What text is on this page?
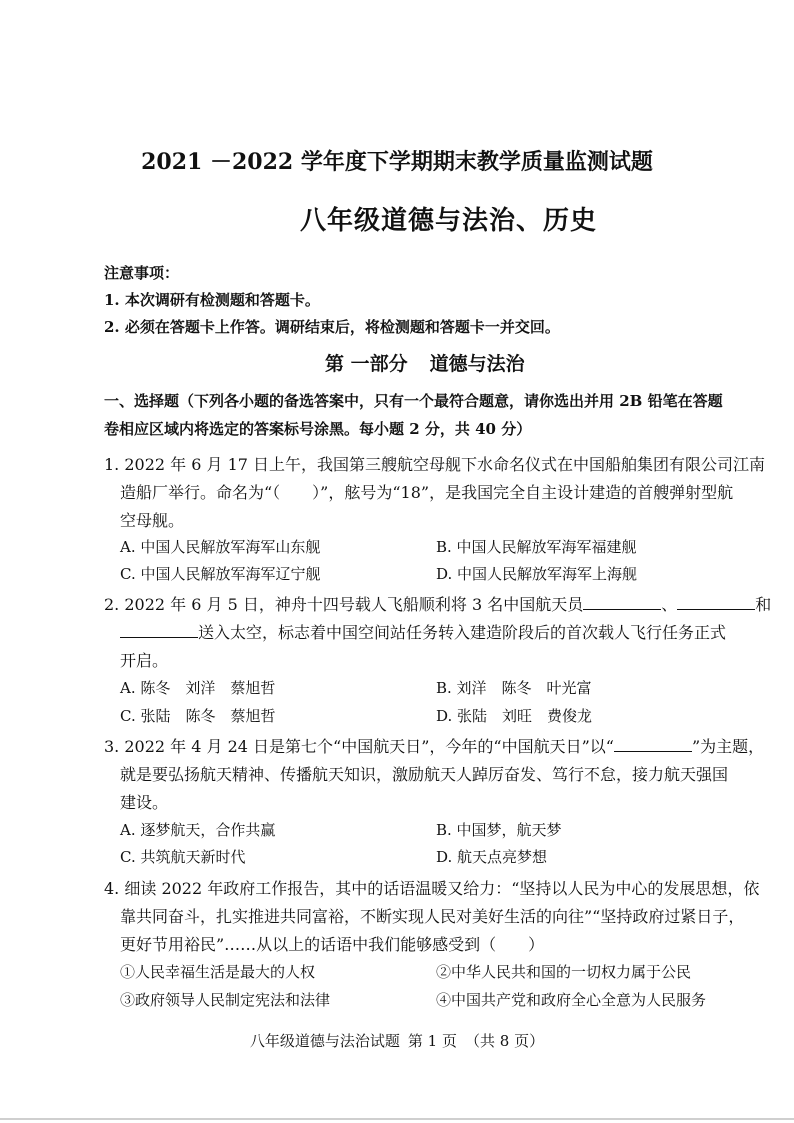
2021 －2022 学年度下学期期末教学质量监测试题
八年级道德与法治、历史
注意事项：
1. 本次调研有检测题和答题卡。
2. 必须在答题卡上作答。调研结束后，将检测题和答题卡一并交回。
第 一部分 道德与法治
一、选择题（下列各小题的备选答案中，只有一个最符合题意，请你选出并用 2B 铅笔在答题
卷相应区域内将选定的答案标号涂黑。每小题 2 分，共 40 分）
1. 2022 年 6 月 17 日上午，我国第三艘航空母舰下水命名仪式在中国船舶集团有限公司江南
造船厂举行。命名为“（　　）”，舷号为“18”，是我国完全自主设计建造的首艘弹射型航
空母舰。
A. 中国人民解放军海军山东舰	B. 中国人民解放军海军福建舰
C. 中国人民解放军海军辽宁舰	D. 中国人民解放军海军上海舰
2. 2022 年 6 月 5 日，神舟十四号载人飞船顺利将 3 名中国航天员	、	和
送入太空，标志着中国空间站任务转入建造阶段后的首次载人飞行任务正式
开启。
A. 陈冬　刘洋　蔡旭哲	B. 刘洋　陈冬　叶光富
C. 张陆　陈冬　蔡旭哲	D. 张陆　刘旺　费俊龙
3. 2022 年 4 月 24 日是第七个“中国航天日”，今年的“中国航天日”以“	”为主题，
就是要弘扬航天精神、传播航天知识，激励航天人踔厉奋发、笃行不怠，接力航天强国
建设。
A. 逐梦航天，合作共赢	B. 中国梦，航天梦
C. 共筑航天新时代	D. 航天点亮梦想
4. 细读 2022 年政府工作报告，其中的话语温暖又给力：“坚持以人民为中心的发展思想，依
靠共同奋斗，扎实推进共同富裕，不断实现人民对美好生活的向往”“坚持政府过紧日子，
更好节用裕民”……从以上的话语中我们能够感受到（　　）
①人民幸福生活是最大的人权	②中华人民共和国的一切权力属于公民
③政府领导人民制定宪法和法律	④中国共产党和政府全心全意为人民服务
八年级道德与法治试题 第 1 页 （共 8 页）
